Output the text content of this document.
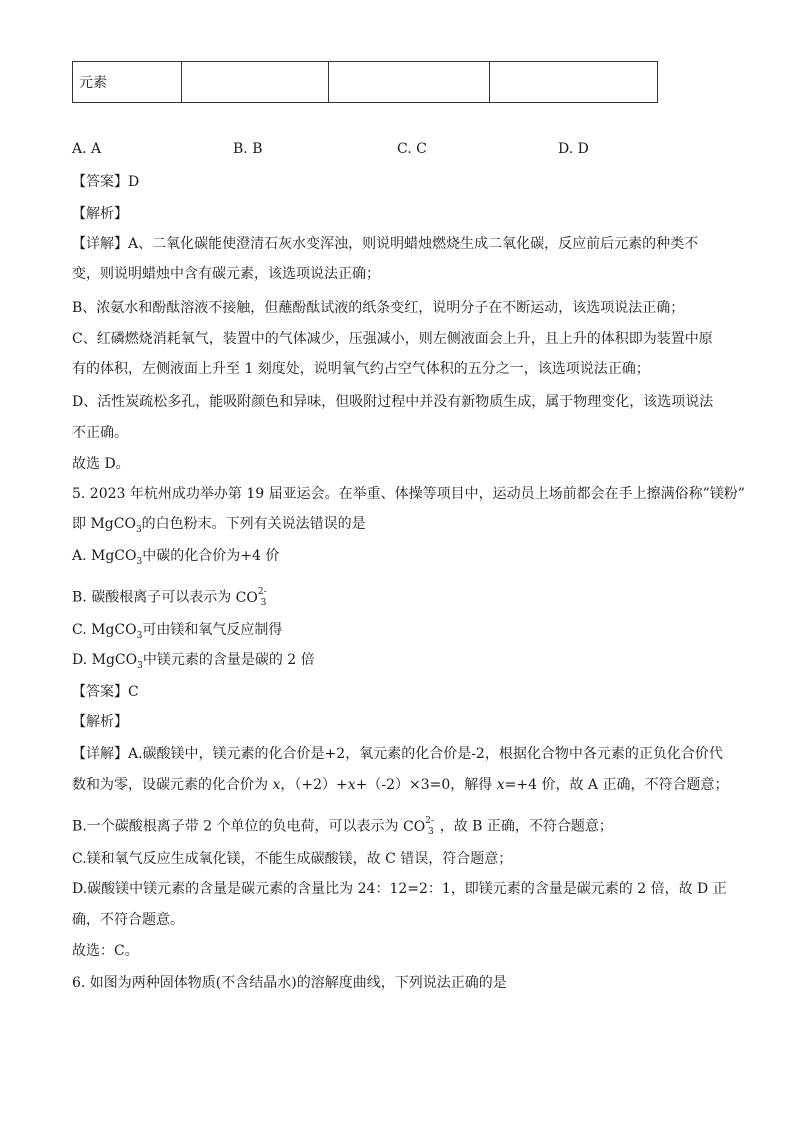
元素			
A. A	B. B	C. C	D. D
【答案】D
【解析】
【详解】A、二氧化碳能使澄清石灰水变浑浊，则说明蜡烛燃烧生成二氧化碳，反应前后元素的种类不
变，则说明蜡烛中含有碳元素，该选项说法正确；
B、浓氨水和酚酞溶液不接触，但蘸酚酞试液的纸条变红，说明分子在不断运动，该选项说法正确；
C、红磷燃烧消耗氧气，装置中的气体减少，压强减小，则左侧液面会上升，且上升的体积即为装置中原
有的体积，左侧液面上升至 1 刻度处，说明氧气约占空气体积的五分之一，该选项说法正确；
D、活性炭疏松多孔，能吸附颜色和异味，但吸附过程中并没有新物质生成，属于物理变化，该选项说法
不正确。
故选 D。
5. 2023 年杭州成功举办第 19 届亚运会。在举重、体操等项目中，运动员上场前都会在手上擦满俗称”镁粉”
即 MgCO$_3$的白色粉末。下列有关说法错误的是
A. MgCO$_3$中碳的化合价为+4 价
B. 碳酸根离子可以表示为 $CO^{2-}_3$
C. MgCO$_3$可由镁和氧气反应制得
D. MgCO$_3$中镁元素的含量是碳的 2 倍
【答案】C
【解析】
【详解】A.碳酸镁中，镁元素的化合价是+2，氧元素的化合价是-2，根据化合物中各元素的正负化合价代
数和为零，设碳元素的化合价为 x，（+2）+x+（-2）×3=0，解得 x=+4 价，故 A 正确，不符合题意；
B.一个碳酸根离子带 2 个单位的负电荷，可以表示为 $CO^{2-}_3$ ，故 B 正确，不符合题意；
C.镁和氧气反应生成氧化镁，不能生成碳酸镁，故 C 错误，符合题意；
D.碳酸镁中镁元素的含量是碳元素的含量比为 24：12=2：1，即镁元素的含量是碳元素的 2 倍，故 D 正
确，不符合题意。
故选：C。
6. 如图为两种固体物质(不含结晶水)的溶解度曲线，下列说法正确的是
